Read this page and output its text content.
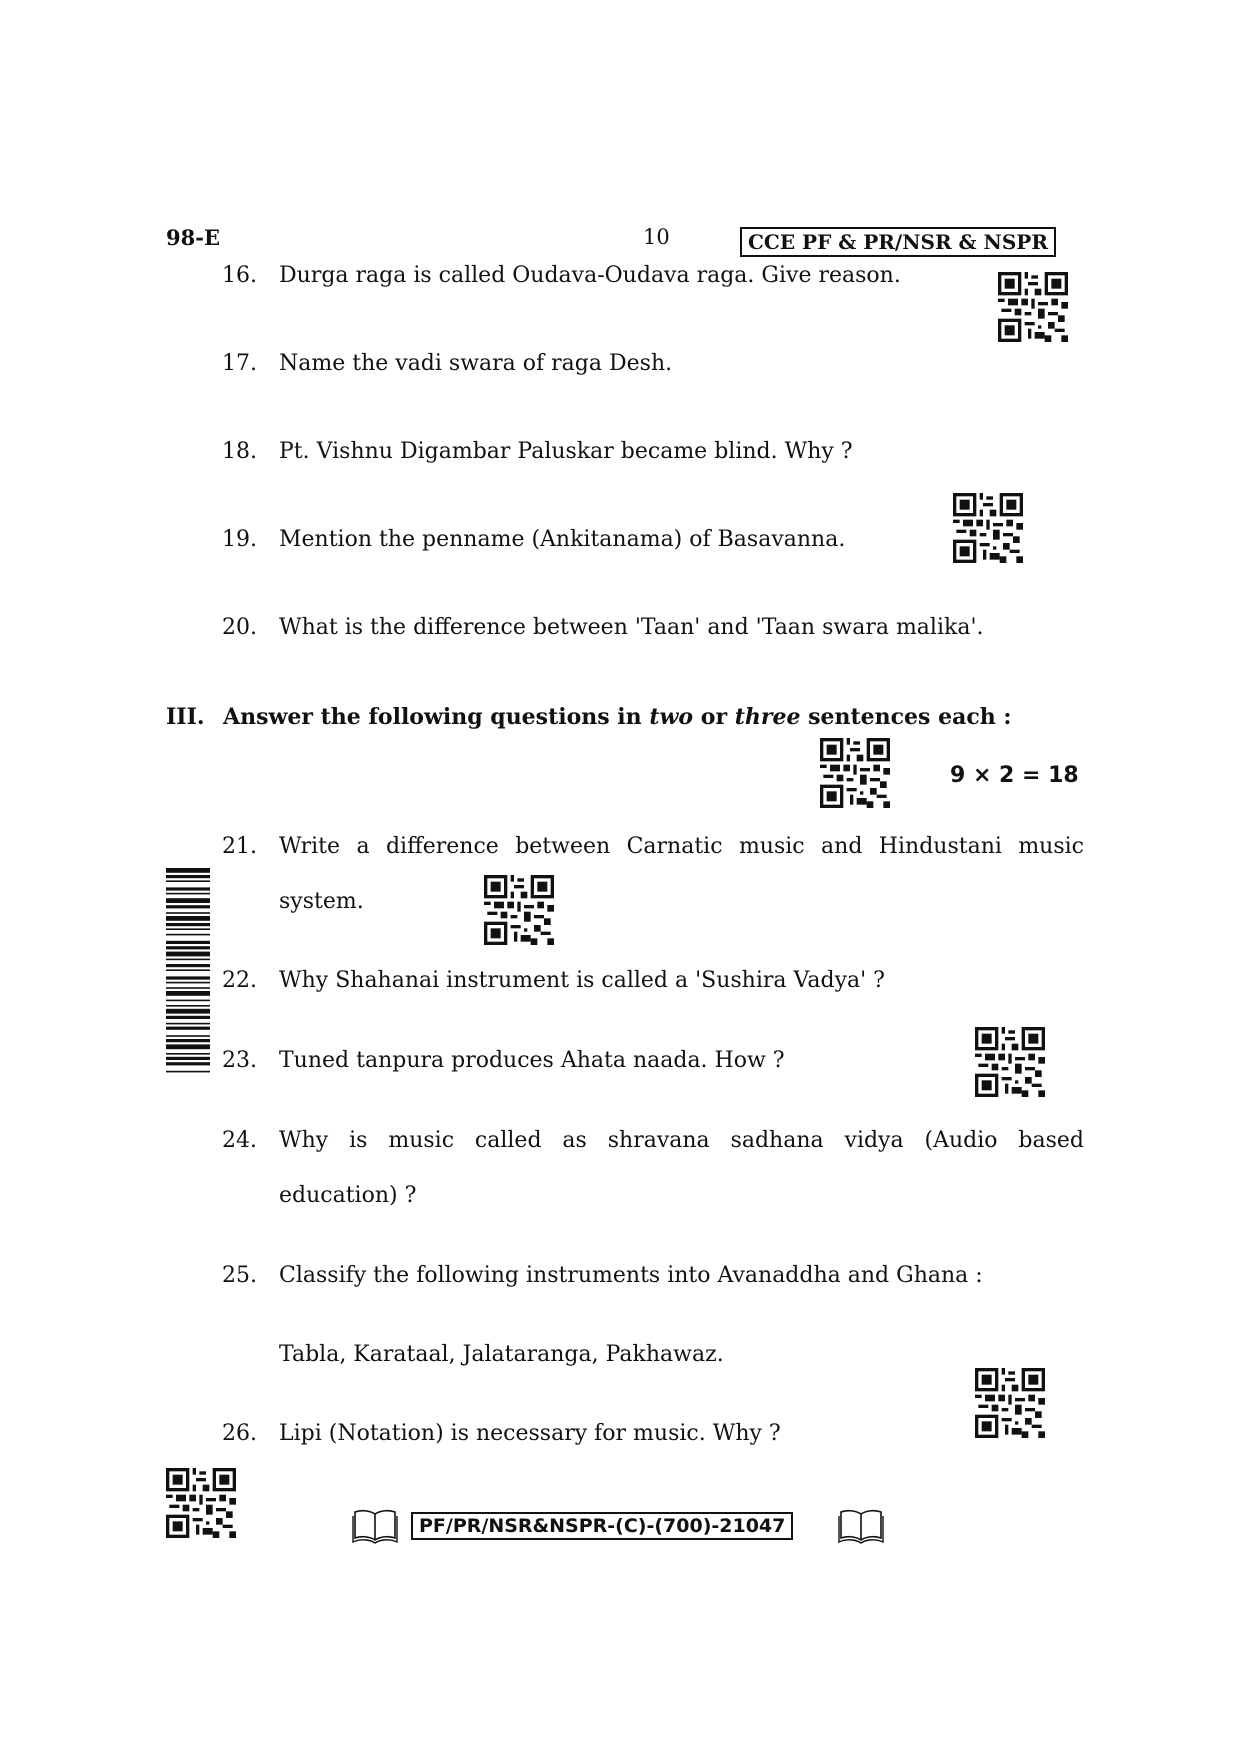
98-E	10	CCE PF & PR/NSR & NSPR
16. Durga raga is called Oudava-Oudava raga. Give reason.
17. Name the vadi swara of raga Desh.
18. Pt. Vishnu Digambar Paluskar became blind. Why ?
19. Mention the penname (Ankitanama) of Basavanna.
20. What is the difference between 'Taan' and 'Taan swara malika'.
III. Answer the following questions in two or three sentences each :
9 × 2 = 18
21. Write a difference between Carnatic music and Hindustani music
system.
22. Why Shahanai instrument is called a 'Sushira Vadya' ?
23. Tuned tanpura produces Ahata naada. How ?
24. Why is music called as shravana sadhana vidya (Audio based
education) ?
25. Classify the following instruments into Avanaddha and Ghana :
Tabla, Karataal, Jalataranga, Pakhawaz.
26. Lipi (Notation) is necessary for music. Why ?
PF/PR/NSR&NSPR-(C)-(700)-21047
